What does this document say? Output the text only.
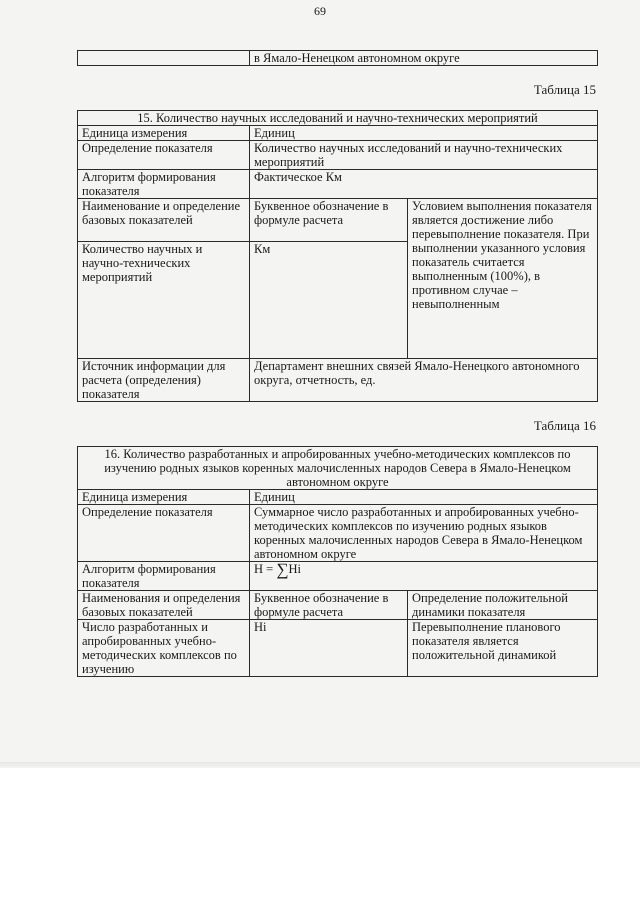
69
	в Ямало-Ненецком автономном округе
Таблица 15
15. Количество научных исследований и научно-технических мероприятий		
Единица измерения	Единиц	
Определение показателя	Количество научных исследований и научно-технических мероприятий	
Алгоритм формирования показателя	Фактическое Км	
Наименование и определение базовых показателей	Буквенное обозначение в формуле расчета	Условием выполнения показателя является достижение либо перевыполнение показателя. При выполнении указанного условия показатель считается выполненным (100%), в противном случае – невыполненным
Количество научных и научно-технических мероприятий	Км	
Источник информации для расчета (определения) показателя	Департамент внешних связей Ямало-Ненецкого автономного округа, отчетность, ед.	
Таблица 16
16. Количество разработанных и апробированных учебно-методических комплексов по изучению родных языков коренных малочисленных народов Севера в Ямало-Ненецком автономном округе		
Единица измерения	Единиц	
Определение показателя	Суммарное число разработанных и апробированных учебно-методических комплексов по изучению родных языков коренных малочисленных народов Севера в Ямало-Ненецком автономном округе	
Алгоритм формирования показателя	Н = ∑Hi	
Наименования и определения базовых показателей	Буквенное обозначение в формуле расчета	Определение положительной динамики показателя
Число разработанных и апробированных учебно-методических комплексов по изучению	Hi	Перевыполнение планового показателя является положительной динамикой
